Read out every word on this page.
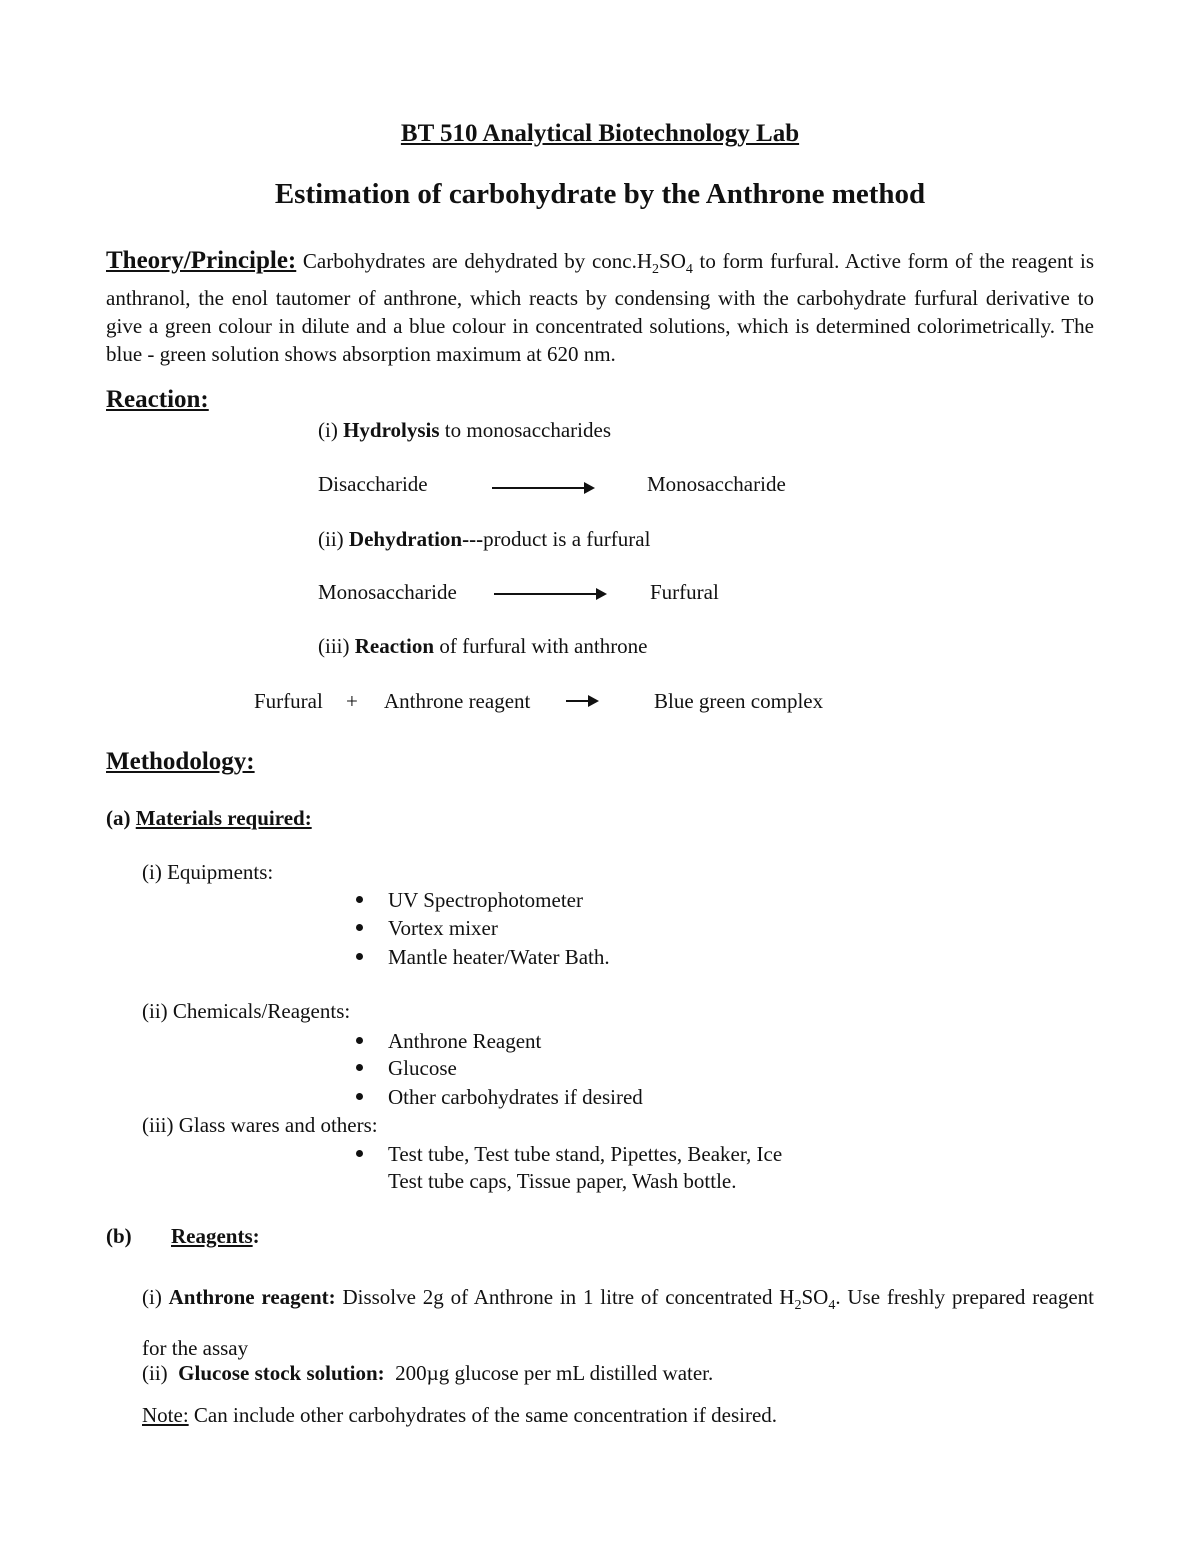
BT 510 Analytical Biotechnology Lab
Estimation of carbohydrate by the Anthrone method
Theory/Principle: Carbohydrates are dehydrated by $conc.H_2SO_4$ to form furfural. Active form of the reagent is anthranol, the enol tautomer of anthrone, which reacts by condensing with the carbohydrate furfural derivative to give a green colour in dilute and a blue colour in concentrated solutions, which is determined colorimetrically. The blue - green solution shows absorption maximum at 620 nm.
Reaction:
(i) Hydrolysis to monosaccharides
Disaccharide	Monosaccharide
(ii) Dehydration---product is a furfural
Monosaccharide	Furfural
(iii) Reaction of furfural with anthrone
Furfural + Anthrone reagent	Blue green complex
Methodology:
(a) Materials required:
(i) Equipments:
UV Spectrophotometer
Vortex mixer
Mantle heater/Water Bath.
(ii) Chemicals/Reagents:
Anthrone Reagent
Glucose
Other carbohydrates if desired
(iii) Glass wares and others:
Test tube, Test tube stand, Pipettes, Beaker, Ice
Test tube caps, Tissue paper, Wash bottle.
(b) Reagents:
(i) Anthrone reagent: Dissolve 2g of Anthrone in 1 litre of concentrated $H_2SO_4$. Use freshly prepared reagent for the assay
(ii)  Glucose stock solution:  200µg glucose per mL distilled water.
Note: Can include other carbohydrates of the same concentration if desired.
